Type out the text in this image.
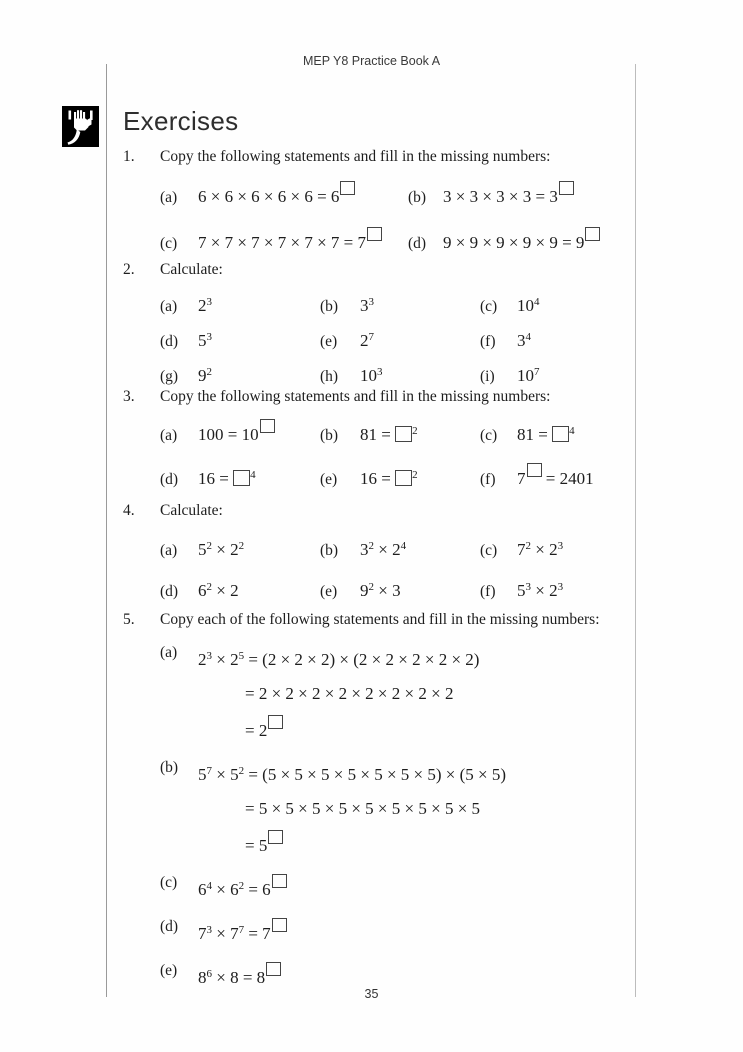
MEP Y8 Practice Book A
Exercises
1.	Copy the following statements and fill in the missing numbers:
(a)	6 × 6 × 6 × 6 × 6 = 6	(b) 3 × 3 × 3 × 3 = 3
(c)	7 × 7 × 7 × 7 × 7 × 7 = 7	(d) 9 × 9 × 9 × 9 × 9 = 9
2.	Calculate:
(a)	$2^3$	(b)	$3^3$	(c)	$10^4$
(d)	$5^3$	(e)	$2^7$	(f)	$3^4$
(g)	$9^2$	(h)	$10^3$	(i)	$10^7$
3.	Copy the following statements and fill in the missing numbers:
(a)	100 = 10	(b)	81 = $^2$	(c)	81 = $^4$
(d)	16 = $^4$	(e)	16 = $^2$	(f)	7 = 2401
4.	Calculate:
(a)	$5^2 \times 2^2$	(b)	$3^2 \times 2^4$	(c)	$7^2 \times 2^3$
(d)	$6^2 \times 2$	(e)	$9^2 \times 3$	(f)	$5^3 \times 2^3$
5.	Copy each of the following statements and fill in the missing numbers:
(a)	$2^3 \times 2^5 = (2 \times 2 \times 2) \times (2 \times 2 \times 2 \times 2 \times 2)$
= 2 × 2 × 2 × 2 × 2 × 2 × 2 × 2
= 2
(b)	$5^7 \times 5^2 = (5 \times 5 \times 5 \times 5 \times 5 \times 5 \times 5) \times (5 \times 5)$
= 5 × 5 × 5 × 5 × 5 × 5 × 5 × 5 × 5
= 5
(c)	$6^4 \times 6^2 = 6$
(d)	$7^3 \times 7^7 = 7$
(e)	$8^6 \times 8 = 8$
35
